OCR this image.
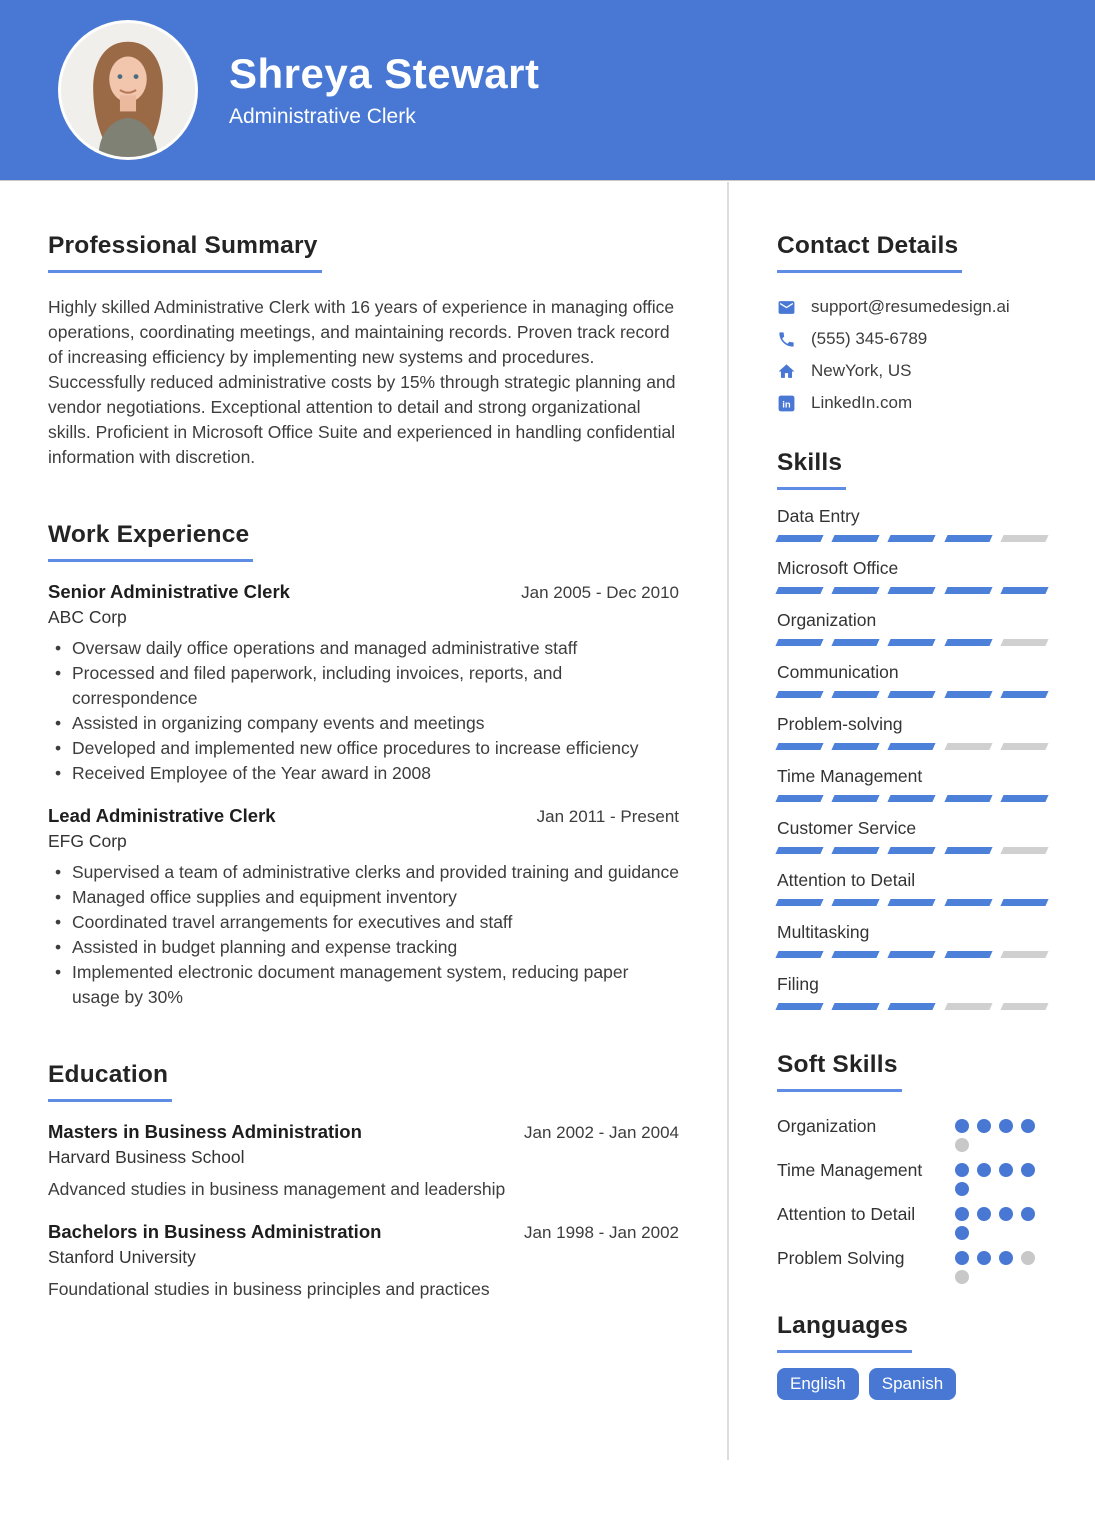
Shreya Stewart
Administrative Clerk
Professional Summary
Highly skilled Administrative Clerk with 16 years of experience in managing office operations, coordinating meetings, and maintaining records. Proven track record of increasing efficiency by implementing new systems and procedures. Successfully reduced administrative costs by 15% through strategic planning and vendor negotiations. Exceptional attention to detail and strong organizational skills. Proficient in Microsoft Office Suite and experienced in handling confidential information with discretion.
Work Experience
Senior Administrative Clerk	Jan 2005 - Dec 2010
ABC Corp
• Oversaw daily office operations and managed administrative staff
• Processed and filed paperwork, including invoices, reports, and correspondence
• Assisted in organizing company events and meetings
• Developed and implemented new office procedures to increase efficiency
• Received Employee of the Year award in 2008
Lead Administrative Clerk	Jan 2011 - Present
EFG Corp
• Supervised a team of administrative clerks and provided training and guidance
• Managed office supplies and equipment inventory
• Coordinated travel arrangements for executives and staff
• Assisted in budget planning and expense tracking
• Implemented electronic document management system, reducing paper usage by 30%
Education
Masters in Business Administration	Jan 2002 - Jan 2004
Harvard Business School
Advanced studies in business management and leadership
Bachelors in Business Administration	Jan 1998 - Jan 2002
Stanford University
Foundational studies in business principles and practices
Contact Details
support@resumedesign.ai
(555) 345-6789
NewYork, US
in LinkedIn.com
Skills
Data Entry
Microsoft Office
Organization
Communication
Problem-solving
Time Management
Customer Service
Attention to Detail
Multitasking
Filing
Soft Skills
Organization
Time Management
Attention to Detail
Problem Solving
Languages
English	Spanish
